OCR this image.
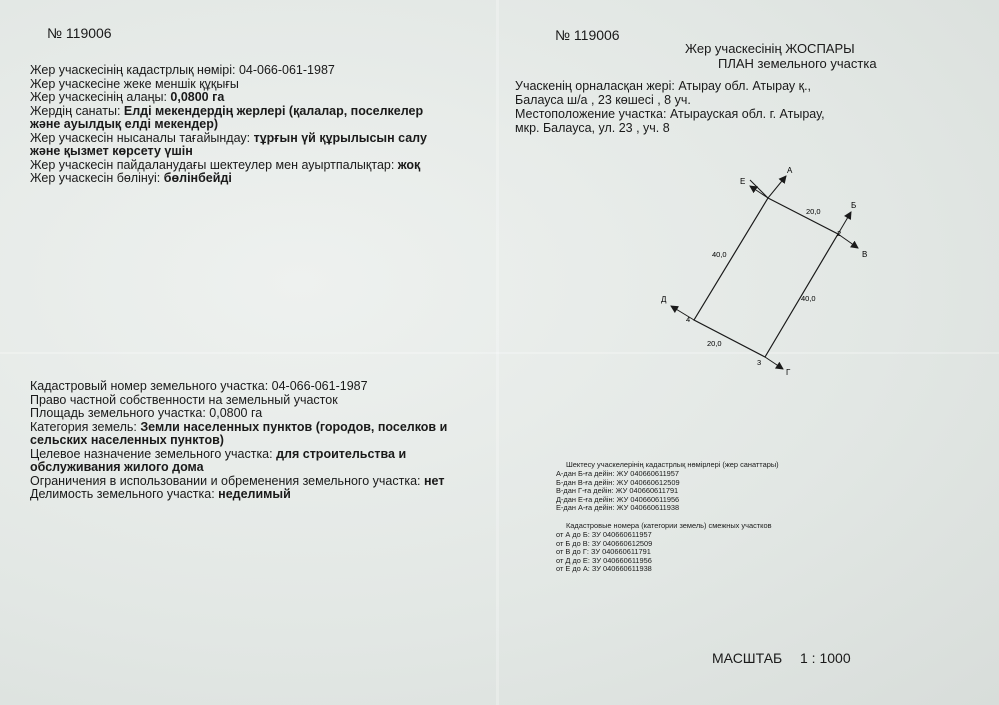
№ 119006	№ 119006
Жер учаскесiнiң кадастрлық нөмiрi: 04-066-061-1987
Жер учаскесiне жеке меншiк құқығы
Жер учаскесiнiң алаңы: 0,0800 га
Жердiң санаты: Елдi мекендердiң жерлерi (қалалар, поселкелер
және ауылдық елдi мекендер)
Жер учаскесiн нысаналы тағайындау: тұрғын үй құрылысын салу
және қызмет көрсету үшiн
Жер учаскесiн пайдаланудағы шектеулер мен ауыртпалықтар: жоқ
Жер учаскесiн бөлiнуi: бөлiнбейдi
Кадастровый номер земельного участка: 04-066-061-1987
Право частной собственности на земельный участок
Площадь земельного участка: 0,0800 га
Категория земель: Земли населенных пунктов (городов, поселков и
сельских населенных пунктов)
Целевое назначение земельного участка: для строительства и
обслуживания жилого дома
Ограничения в использовании и обременения земельного участка: нет
Делимость земельного участка: неделимый
Жер учаскесiнiң ЖОСПАРЫ
ПЛАН земельного участка
Учаскенiң орналасқан жерi: Атырау обл. Атырау қ.,
Балауса ш/а , 23 көшесi , 8 уч.
Местоположение участка: Атырауская обл. г. Атырау,
мкр. Балауса, ул. 23 , уч. 8
А
Б
В
Г
Д
Е
2
3
4
20,0
40,0
40,0
20,0
Шектесу учаскелерiнiң кадастрлық нөмiрлерi (жер санаттары)
А-дан Б-ға дейiн: ЖУ 040660611957
Б-дан В-ға дейiн: ЖУ 040660612509
В-дан Г-ға дейiн: ЖУ 040660611791
Д-дан Е-ға дейiн: ЖУ 040660611956
Е-дан А-ға дейiн: ЖУ 040660611938
Кадастровые номера (категории земель) смежных участков
от А до Б: ЗУ 040660611957
от Б до В: ЗУ 040660612509
от В до Г: ЗУ 040660611791
от Д до Е: ЗУ 040660611956
от Е до А: ЗУ 040660611938
МАСШТАБ 1 : 1000
